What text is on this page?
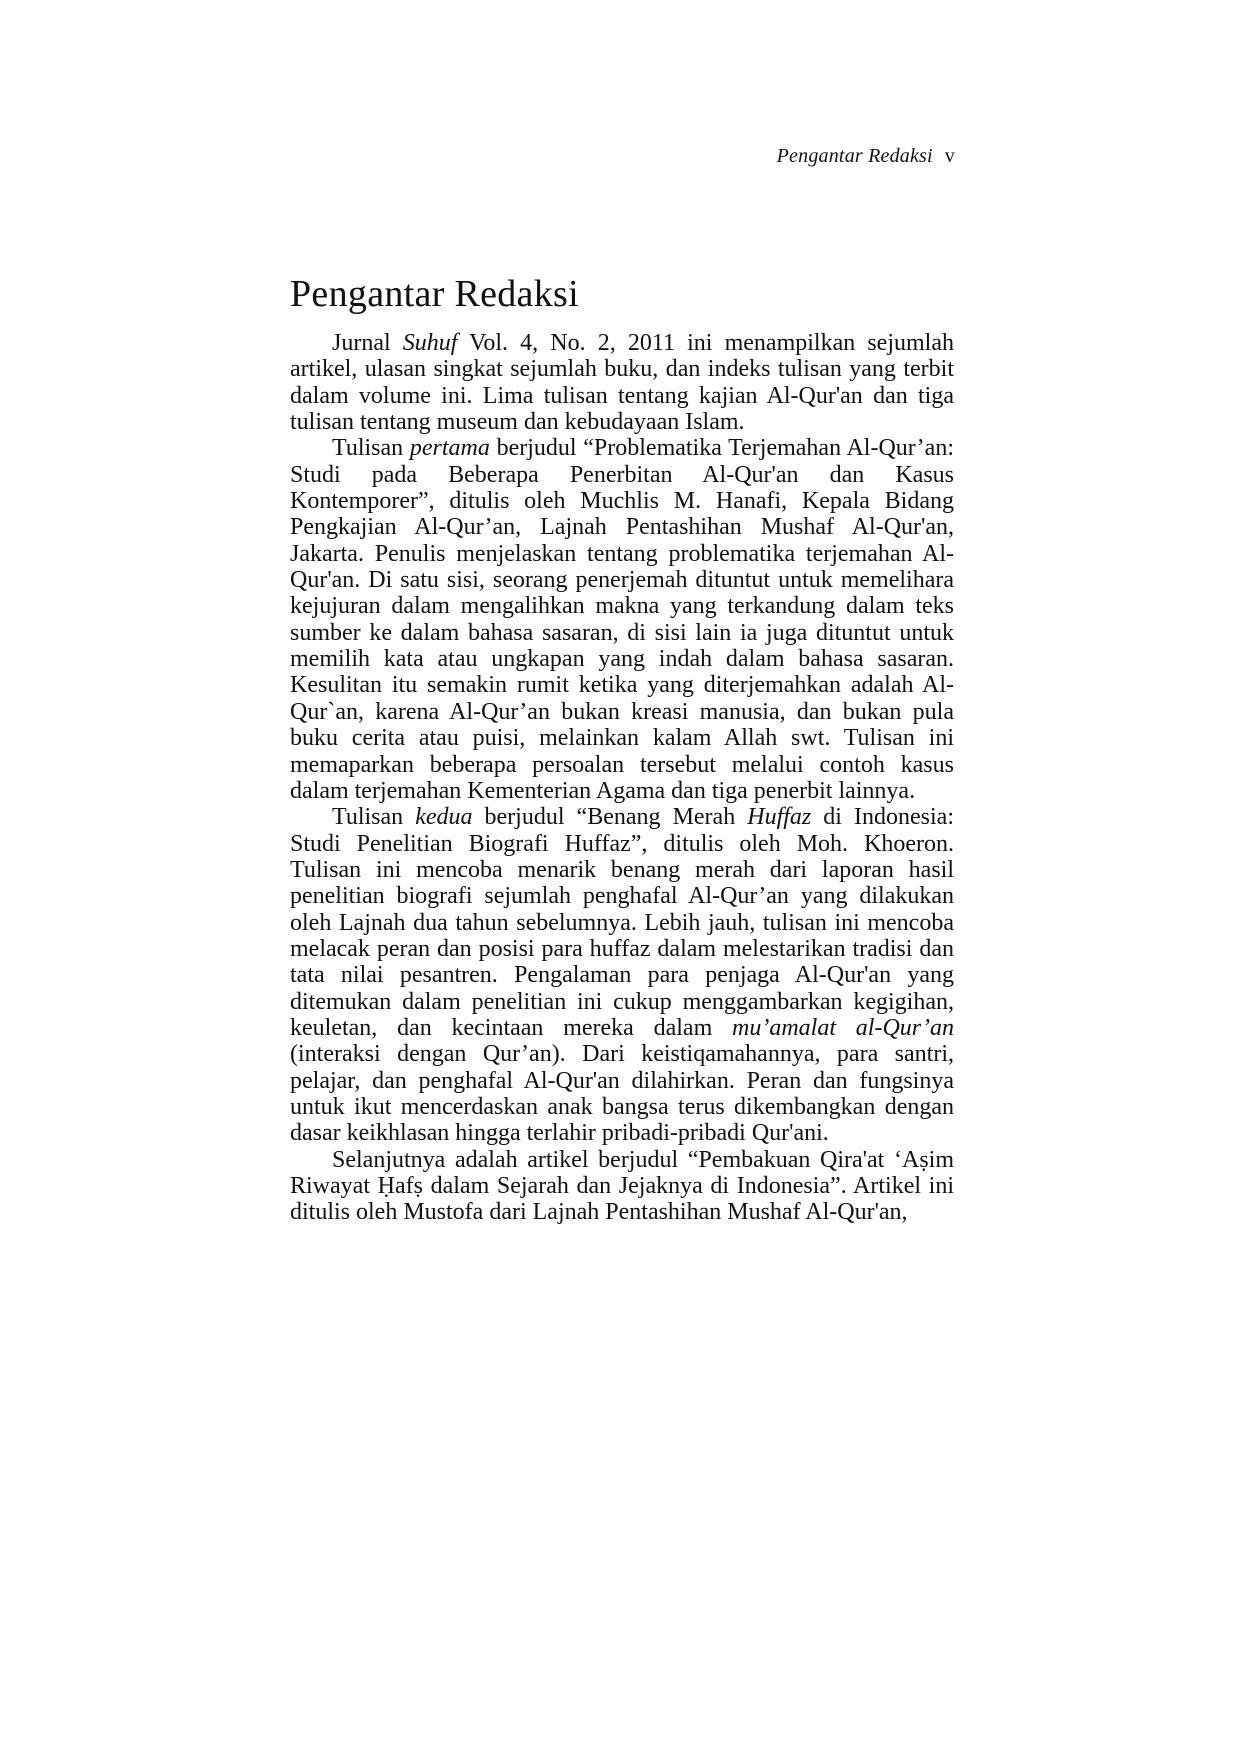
Pengantar Redaksi v
Pengantar Redaksi

Jurnal Suhuf Vol. 4, No. 2, 2011 ini menampilkan sejumlah artikel, ulasan singkat sejumlah buku, dan indeks tulisan yang terbit dalam volume ini. Lima tulisan tentang kajian Al-Qur'an dan tiga tulisan tentang museum dan kebudayaan Islam.

Tulisan pertama berjudul “Problematika Terjemahan Al-Qur’an: Studi pada Beberapa Penerbitan Al-Qur'an dan Kasus Kontemporer”, ditulis oleh Muchlis M. Hanafi, Kepala Bidang Pengkajian Al-Qur’an, Lajnah Pentashihan Mushaf Al-Qur'an, Jakarta. Penulis menjelaskan tentang problematika terjemahan Al-Qur'an. Di satu sisi, seorang penerjemah dituntut untuk memelihara kejujuran dalam mengalihkan makna yang terkandung dalam teks sumber ke dalam bahasa sasaran, di sisi lain ia juga dituntut untuk memilih kata atau ungkapan yang indah dalam bahasa sasaran. Kesulitan itu semakin rumit ketika yang diterjemahkan adalah Al-Qur`an, karena Al-Qur’an bukan kreasi manusia, dan bukan pula buku cerita atau puisi, melainkan kalam Allah swt. Tulisan ini memaparkan beberapa persoalan tersebut melalui contoh kasus dalam terjemahan Kementerian Agama dan tiga penerbit lainnya.

Tulisan kedua berjudul “Benang Merah Huffaz di Indonesia: Studi Penelitian Biografi Huffaz”, ditulis oleh Moh. Khoeron. Tulisan ini mencoba menarik benang merah dari laporan hasil penelitian biografi sejumlah penghafal Al-Qur’an yang dilakukan oleh Lajnah dua tahun sebelumnya. Lebih jauh, tulisan ini mencoba melacak peran dan posisi para huffaz dalam melestarikan tradisi dan tata nilai pesantren. Pengalaman para penjaga Al-Qur'an yang ditemukan dalam penelitian ini cukup menggambarkan kegigihan, keuletan, dan kecintaan mereka dalam mu’amalat al-Qur’an (interaksi dengan Qur’an). Dari keistiqamahannya, para santri, pelajar, dan penghafal Al-Qur'an dilahirkan. Peran dan fungsinya untuk ikut mencerdaskan anak bangsa terus dikembangkan dengan dasar keikhlasan hingga terlahir pribadi-pribadi Qur'ani.

Selanjutnya adalah artikel berjudul “Pembakuan Qira'at ‘Aṣim Riwayat Ḥafṣ dalam Sejarah dan Jejaknya di Indonesia”. Artikel ini ditulis oleh Mustofa dari Lajnah Pentashihan Mushaf Al-Qur'an,
